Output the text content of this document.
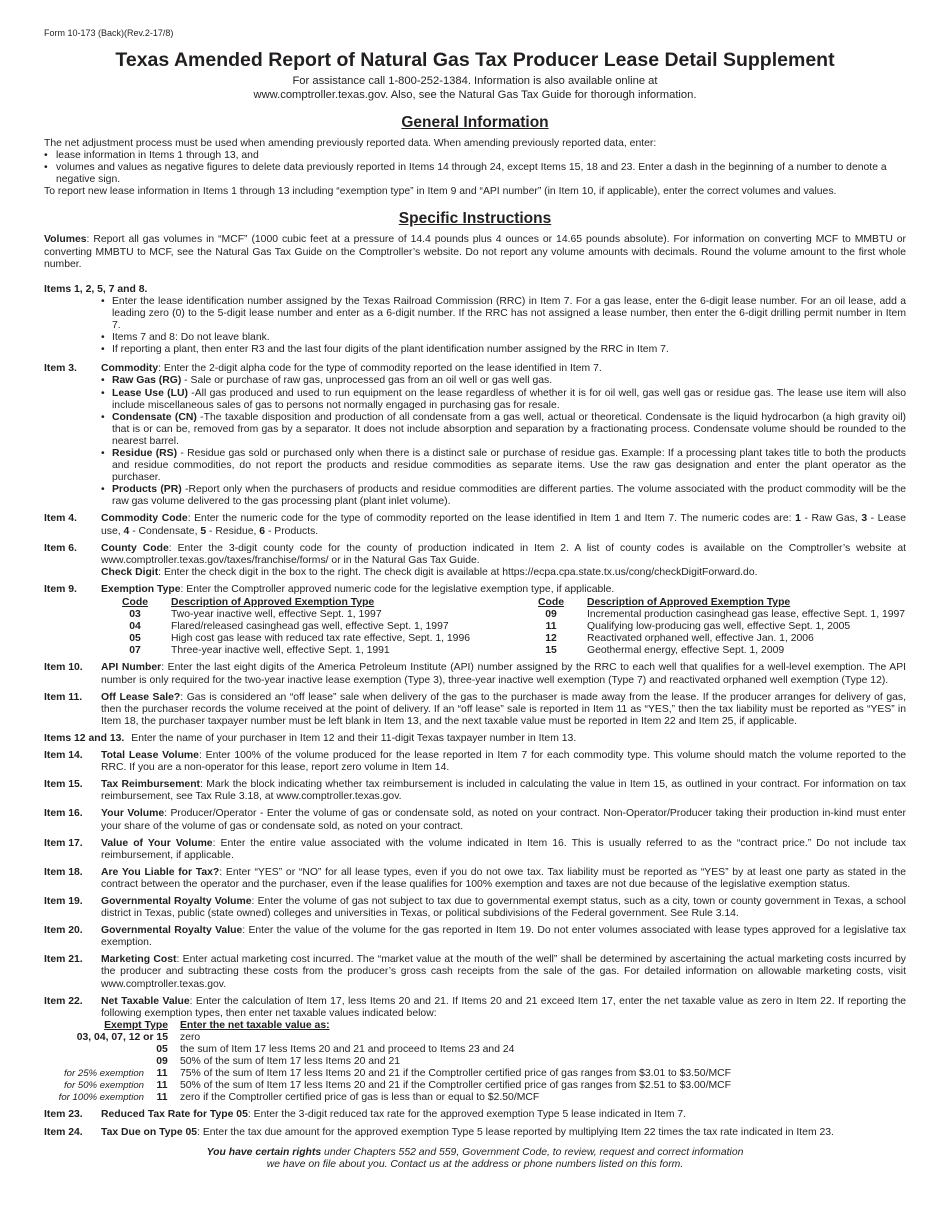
Form 10-173 (Back)(Rev.2-17/8)
Texas Amended Report of Natural Gas Tax Producer Lease Detail Supplement
For assistance call 1-800-252-1384. Information is also available online at
www.comptroller.texas.gov. Also, see the Natural Gas Tax Guide for thorough information.
General Information

The net adjustment process must be used when amending previously reported data. When amending previously reported data, enter:

• lease information in Items 1 through 13, and

• volumes and values as negative figures to delete data previously reported in Items 14 through 24, except Items 15, 18 and 23. Enter a dash in the beginning of a number to denote a negative sign.

To report new lease information in Items 1 through 13 including “exemption type” in Item 9 and “API number” (in Item 10, if applicable), enter the correct volumes and values.

Specific Instructions

Volumes: Report all gas volumes in “MCF” (1000 cubic feet at a pressure of 14.4 pounds plus 4 ounces or 14.65 pounds absolute). For information on converting MCF to MMBTU or converting MMBTU to MCF, see the Natural Gas Tax Guide on the Comptroller’s website. Do not report any volume amounts with decimals. Round the volume amount to the first whole number.

Items 1, 2, 5, 7 and 8.

• Enter the lease identification number assigned by the Texas Railroad Commission (RRC) in Item 7. For a gas lease, enter the 6-digit lease number. For an oil lease, add a leading zero (0) to the 5-digit lease number and enter as a 6-digit number. If the RRC has not assigned a lease number, then enter the 6-digit drilling permit number in Item 7.

• Items 7 and 8: Do not leave blank.

• If reporting a plant, then enter R3 and the last four digits of the plant identification number assigned by the RRC in Item 7.

Item 3.	Commodity: Enter the 2-digit alpha code for the type of commodity reported on the lease identified in Item 7.

• Raw Gas (RG) - Sale or purchase of raw gas, unprocessed gas from an oil well or gas well gas.

• Lease Use (LU) -All gas produced and used to run equipment on the lease regardless of whether it is for oil well, gas well gas or residue gas. The lease use item will also include miscellaneous sales of gas to persons not normally engaged in purchasing gas for resale.

• Condensate (CN) -The taxable disposition and production of all condensate from a gas well, actual or theoretical. Condensate is the liquid hydrocarbon (a high gravity oil) that is or can be, removed from gas by a separator. It does not include absorption and separation by a fractionating process. Condensate volume should be rounded to the nearest barrel.

• Residue (RS) - Residue gas sold or purchased only when there is a distinct sale or purchase of residue gas. Example: If a processing plant takes title to both the products and residue commodities, do not report the products and residue commodities as separate items. Use the raw gas designation and enter the plant operator as the purchaser.

• Products (PR) -Report only when the purchasers of products and residue commodities are different parties. The volume associated with the product commodity will be the raw gas volume delivered to the gas processing plant (plant inlet volume).

Item 4.	Commodity Code: Enter the numeric code for the type of commodity reported on the lease identified in Item 1 and Item 7. The numeric codes are: 1 - Raw Gas, 3 - Lease use, 4 - Condensate, 5 - Residue, 6 - Products.
Item 6.	County Code: Enter the 3-digit county code for the county of production indicated in Item 2. A list of county codes is available on the Comptroller’s website at www.comptroller.texas.gov/taxes/franchise/forms/ or in the Natural Gas Tax Guide.

Check Digit: Enter the check digit in the box to the right. The check digit is available at https://ecpa.cpa.state.tx.us/cong/checkDigitForward.do.

Item 9.	Exemption Type: Enter the Comptroller approved numeric code for the legislative exemption type, if applicable.

Code	Description of Approved Exemption Type
03	Two-year inactive well, effective Sept. 1, 1997
04	Flared/released casinghead gas well, effective Sept. 1, 1997
05	High cost gas lease with reduced tax rate effective, Sept. 1, 1996
07	Three-year inactive well, effective Sept. 1, 1991
Code	Description of Approved Exemption Type
09	Incremental production casinghead gas lease, effective Sept. 1, 1997
11	Qualifying low-producing gas well, effective Sept. 1, 2005
12	Reactivated orphaned well, effective Jan. 1, 2006
15	Geothermal energy, effective Sept. 1, 2009
Item 10.	API Number: Enter the last eight digits of the America Petroleum Institute (API) number assigned by the RRC to each well that qualifies for a well-level exemption. The API number is only required for the two-year inactive lease exemption (Type 3), three-year inactive well exemption (Type 7) and reactivated orphaned well exemption (Type 12).
Item 11.	Off Lease Sale?: Gas is considered an “off lease” sale when delivery of the gas to the purchaser is made away from the lease. If the producer arranges for delivery of gas, then the purchaser records the volume received at the point of delivery. If an “off lease” sale is reported in Item 11 as “YES,” then the tax liability must be reported as “YES” in Item 18, the purchaser taxpayer number must be left blank in Item 13, and the next taxable value must be reported in Item 22 and Item 25, if applicable.
Items 12 and 13. Enter the name of your purchaser in Item 12 and their 11-digit Texas taxpayer number in Item 13.
Item 14.	Total Lease Volume: Enter 100% of the volume produced for the lease reported in Item 7 for each commodity type. This volume should match the volume reported to the RRC. If you are a non-operator for this lease, report zero volume in Item 14.
Item 15.	Tax Reimbursement: Mark the block indicating whether tax reimbursement is included in calculating the value in Item 15, as outlined in your contract. For information on tax reimbursement, see Tax Rule 3.18, at www.comptroller.texas.gov.
Item 16.	Your Volume: Producer/Operator - Enter the volume of gas or condensate sold, as noted on your contract. Non-Operator/Producer taking their production in-kind must enter your share of the volume of gas or condensate sold, as noted on your contract.
Item 17.	Value of Your Volume: Enter the entire value associated with the volume indicated in Item 16. This is usually referred to as the “contract price.” Do not include tax reimbursement, if applicable.
Item 18.	Are You Liable for Tax?: Enter “YES” or “NO” for all lease types, even if you do not owe tax. Tax liability must be reported as “YES” by at least one party as stated in the contract between the operator and the purchaser, even if the lease qualifies for 100% exemption and taxes are not due because of the legislative exemption status.
Item 19.	Governmental Royalty Volume: Enter the volume of gas not subject to tax due to governmental exempt status, such as a city, town or county government in Texas, a school district in Texas, public (state owned) colleges and universities in Texas, or political subdivisions of the Federal government. See Rule 3.14.
Item 20.	Governmental Royalty Value: Enter the value of the volume for the gas reported in Item 19. Do not enter volumes associated with lease types approved for a legislative tax exemption.
Item 21.	Marketing Cost: Enter actual marketing cost incurred. The “market value at the mouth of the well” shall be determined by ascertaining the actual marketing costs incurred by the producer and subtracting these costs from the producer’s gross cash receipts from the sale of the gas. For detailed information on allowable marketing costs, visit www.comptroller.texas.gov.
Item 22.	Net Taxable Value: Enter the calculation of Item 17, less Items 20 and 21. If Items 20 and 21 exceed Item 17, enter the net taxable value as zero in Item 22. If reporting the following exemption types, then enter net taxable values indicated below:

Exempt Type Enter the net taxable value as:
03, 04, 07, 12 or 15 zero
05 the sum of Item 17 less Items 20 and 21 and proceed to Items 23 and 24
09 50% of the sum of Item 17 less Items 20 and 21
for 25% exemption 11 75% of the sum of Item 17 less Items 20 and 21 if the Comptroller certified price of gas ranges from $3.01 to $3.50/MCF
for 50% exemption 11 50% of the sum of Item 17 less Items 20 and 21 if the Comptroller certified price of gas ranges from $2.51 to $3.00/MCF
for 100% exemption 11 zero if the Comptroller certified price of gas is less than or equal to $2.50/MCF
Item 23.	Reduced Tax Rate for Type 05: Enter the 3-digit reduced tax rate for the approved exemption Type 5 lease indicated in Item 7.
Item 24.	Tax Due on Type 05: Enter the tax due amount for the approved exemption Type 5 lease reported by multiplying Item 22 times the tax rate indicated in Item 23.
You have certain rights under Chapters 552 and 559, Government Code, to review, request and correct information
we have on file about you. Contact us at the address or phone numbers listed on this form.
